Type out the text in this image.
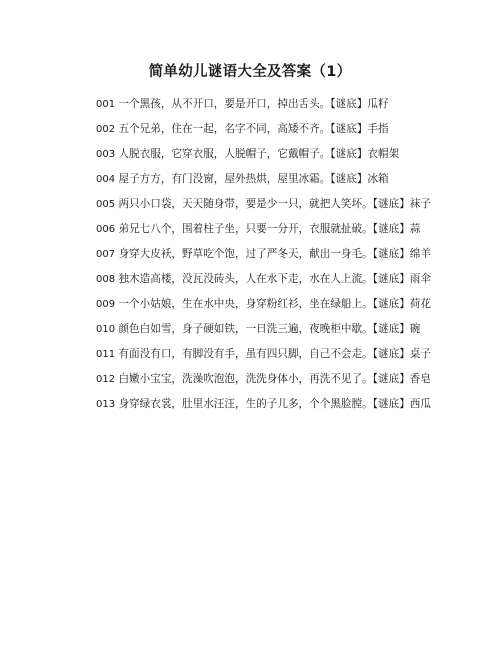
简单幼儿谜语大全及答案（1）

001 一个黑孩，从不开口，要是开口，掉出舌头。【谜底】瓜籽

002 五个兄弟，住在一起，名字不同，高矮不齐。【谜底】手指

003 人脱衣服，它穿衣服，人脱帽子，它戴帽子。【谜底】衣帽架

004 屋子方方，有门没窗，屋外热烘，屋里冰霜。【谜底】冰箱

005 两只小口袋，天天随身带，要是少一只，就把人笑坏。【谜底】袜子

006 弟兄七八个，围着柱子坐，只要一分开，衣服就扯破。【谜底】蒜

007 身穿大皮袄，野草吃个饱，过了严冬天，献出一身毛。【谜底】绵羊

008 独木造高楼，没瓦没砖头，人在水下走，水在人上流。【谜底】雨伞

009 一个小姑娘，生在水中央，身穿粉红衫，坐在绿船上。【谜底】荷花

010 颜色白如雪，身子硬如铁，一日洗三遍，夜晚柜中歇。【谜底】碗

011 有面没有口，有脚没有手，虽有四只脚，自己不会走。【谜底】桌子

012 白嫩小宝宝，洗澡吹泡泡，洗洗身体小，再洗不见了。【谜底】香皂

013 身穿绿衣裳，肚里水汪汪，生的子儿多，个个黑脸膛。【谜底】西瓜
